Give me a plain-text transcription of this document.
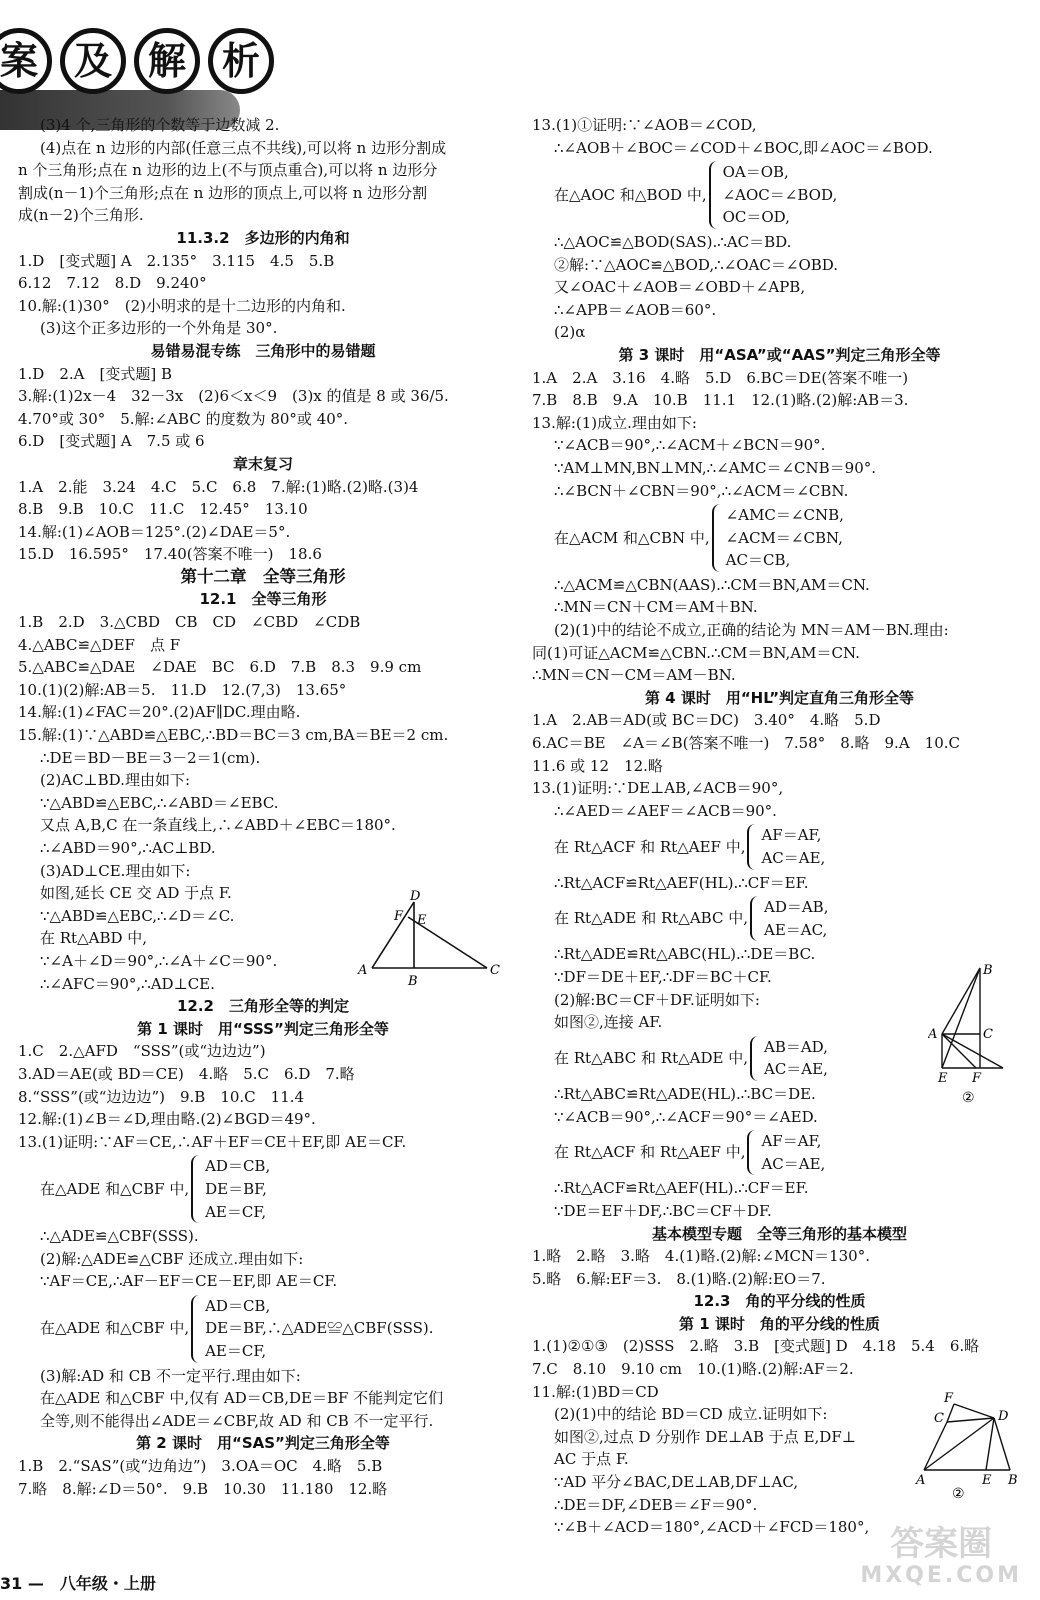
案 及 解 析
(3)4 个,三角形的个数等于边数减 2.
(4)点在 n 边形的内部(任意三点不共线),可以将 n 边形分割成
n 个三角形;点在 n 边形的边上(不与顶点重合),可以将 n 边形分
割成(n－1)个三角形;点在 n 边形的顶点上,可以将 n 边形分割
成(n－2)个三角形.
11.3.2　多边形的内角和
1.D　[变式题] A　2.135°　3.115　4.5　5.B
6.12　7.12　8.D　9.240°
10.解:(1)30°　(2)小明求的是十二边形的内角和.
(3)这个正多边形的一个外角是 30°.
易错易混专练　三角形中的易错题
1.D　2.A　[变式题] B
3.解:(1)2x－4　32－3x　(2)6＜x＜9　(3)x 的值是 8 或 36/5.
4.70°或 30°　5.解:∠ABC 的度数为 80°或 40°.
6.D　[变式题] A　7.5 或 6
章末复习
1.A　2.能　3.24　4.C　5.C　6.8　7.解:(1)略.(2)略.(3)4
8.B　9.B　10.C　11.C　12.45°　13.10
14.解:(1)∠AOB＝125°.(2)∠DAE＝5°.
15.D　16.595°　17.40(答案不唯一)　18.6
第十二章　全等三角形
12.1　全等三角形
1.B　2.D　3.△CBD　CB　CD　∠CBD　∠CDB
4.△ABC≌△DEF　点 F
5.△ABC≌△DAE　∠DAE　BC　6.D　7.B　8.3　9.9 cm
10.(1)(2)解:AB＝5.　11.D　12.(7,3)　13.65°
14.解:(1)∠FAC＝20°.(2)AF∥DC.理由略.
15.解:(1)∵△ABD≌△EBC,∴BD＝BC＝3 cm,BA＝BE＝2 cm.
∴DE＝BD－BE＝3－2＝1(cm).
(2)AC⊥BD.理由如下:
∵△ABD≌△EBC,∴∠ABD＝∠EBC.
又点 A,B,C 在一条直线上,∴∠ABD＋∠EBC＝180°.
∴∠ABD＝90°,∴AC⊥BD.
(3)AD⊥CE.理由如下:
如图,延长 CE 交 AD 于点 F.
∵△ABD≌△EBC,∴∠D＝∠C.
在 Rt△ABD 中,
∵∠A＋∠D＝90°,∴∠A＋∠C＝90°.
∴∠AFC＝90°,∴AD⊥CE.
12.2　三角形全等的判定
第 1 课时　用“SSS”判定三角形全等
1.C　2.△AFD　“SSS”(或“边边边”)
3.AD＝AE(或 BD＝CE)　4.略　5.C　6.D　7.略
8.“SSS”(或“边边边”)　9.B　10.C　11.4
12.解:(1)∠B＝∠D,理由略.(2)∠BGD＝49°.
13.(1)证明:∵AF＝CE,∴AF＋EF＝CE＋EF,即 AE＝CF.
在△ADE 和△CBF 中,
AD＝CB,
DE＝BF,
AE＝CF,
∴△ADE≌△CBF(SSS).
(2)解:△ADE≌△CBF 还成立.理由如下:
∵AF＝CE,∴AF－EF＝CE－EF,即 AE＝CF.
在△ADE 和△CBF 中,
AD＝CB,
DE＝BF,∴△ADE≌△CBF(SSS).
AE＝CF,
(3)解:AD 和 CB 不一定平行.理由如下:
在△ADE 和△CBF 中,仅有 AD＝CB,DE＝BF 不能判定它们
全等,则不能得出∠ADE＝∠CBF,故 AD 和 CB 不一定平行.
第 2 课时　用“SAS”判定三角形全等
1.B　2.“SAS”(或“边角边”)　3.OA＝OC　4.略　5.B
7.略　8.解:∠D＝50°.　9.B　10.30　11.180　12.略
13.(1)①证明:∵∠AOB＝∠COD,
∴∠AOB＋∠BOC＝∠COD＋∠BOC,即∠AOC＝∠BOD.
在△AOC 和△BOD 中,
OA＝OB,
∠AOC＝∠BOD,
OC＝OD,
∴△AOC≌△BOD(SAS).∴AC＝BD.
②解:∵△AOC≌△BOD,∴∠OAC＝∠OBD.
又∠OAC＋∠AOB＝∠OBD＋∠APB,
∴∠APB＝∠AOB＝60°.
(2)α
第 3 课时　用“ASA”或“AAS”判定三角形全等
1.A　2.A　3.16　4.略　5.D　6.BC＝DE(答案不唯一)
7.B　8.B　9.A　10.B　11.1　12.(1)略.(2)解:AB＝3.
13.解:(1)成立.理由如下:
∵∠ACB＝90°,∴∠ACM＋∠BCN＝90°.
∵AM⊥MN,BN⊥MN,∴∠AMC＝∠CNB＝90°.
∴∠BCN＋∠CBN＝90°,∴∠ACM＝∠CBN.
在△ACM 和△CBN 中,
∠AMC＝∠CNB,
∠ACM＝∠CBN,
AC＝CB,
∴△ACM≌△CBN(AAS).∴CM＝BN,AM＝CN.
∴MN＝CN＋CM＝AM＋BN.
(2)(1)中的结论不成立,正确的结论为 MN＝AM－BN.理由:
同(1)可证△ACM≌△CBN.∴CM＝BN,AM＝CN.
∴MN＝CN－CM＝AM－BN.
第 4 课时　用“HL”判定直角三角形全等
1.A　2.AB＝AD(或 BC＝DC)　3.40°　4.略　5.D
6.AC＝BE　∠A＝∠B(答案不唯一)　7.58°　8.略　9.A　10.C
11.6 或 12　12.略
13.(1)证明:∵DE⊥AB,∠ACB＝90°,
∴∠AED＝∠AEF＝∠ACB＝90°.
在 Rt△ACF 和 Rt△AEF 中,
AF＝AF,
AC＝AE,
∴Rt△ACF≌Rt△AEF(HL).∴CF＝EF.
在 Rt△ADE 和 Rt△ABC 中,
AD＝AB,
AE＝AC,
∴Rt△ADE≌Rt△ABC(HL).∴DE＝BC.
∵DF＝DE＋EF,∴DF＝BC＋CF.
(2)解:BC＝CF＋DF.证明如下:
如图②,连接 AF.
在 Rt△ABC 和 Rt△ADE 中,
AB＝AD,
AC＝AE,
∴Rt△ABC≌Rt△ADE(HL).∴BC＝DE.
∵∠ACB＝90°,∴∠ACF＝90°＝∠AED.
在 Rt△ACF 和 Rt△AEF 中,
AF＝AF,
AC＝AE,
∴Rt△ACF≌Rt△AEF(HL).∴CF＝EF.
∵DE＝EF＋DF,∴BC＝CF＋DF.
基本模型专题　全等三角形的基本模型
1.略　2.略　3.略　4.(1)略.(2)解:∠MCN＝130°.
5.略　6.解:EF＝3.　8.(1)略.(2)解:EO＝7.
12.3　角的平分线的性质
第 1 课时　角的平分线的性质
1.(1)②①③　(2)SSS　2.略　3.B　[变式题] D　4.18　5.4　6.略
7.C　8.10　9.10 cm　10.(1)略.(2)解:AF＝2.
11.解:(1)BD＝CD
(2)(1)中的结论 BD＝CD 成立.证明如下:
如图②,过点 D 分别作 DE⊥AB 于点 E,DF⊥
AC 于点 F.
∵AD 平分∠BAC,DE⊥AB,DF⊥AC,
∴DE＝DF,∠DEB＝∠F＝90°.
∵∠B＋∠ACD＝180°,∠ACD＋∠FCD＝180°,
D
F E
A
B
C	B
A	C
E F
②
F
C	D
A	E B
②
31 —　八年级・上册
答案圈
MXQE.COM
